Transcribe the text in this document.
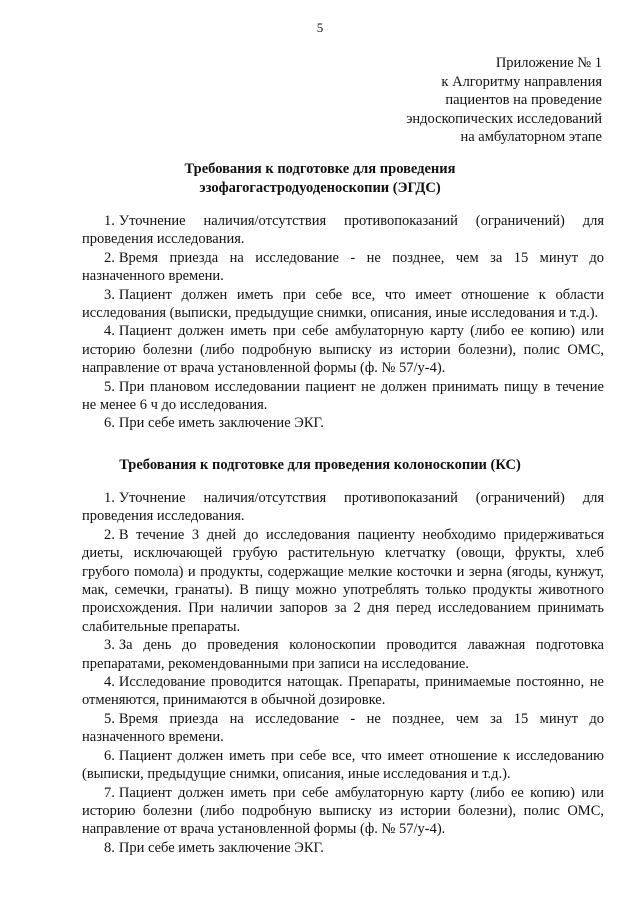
5
Приложение № 1
к Алгоритму направления
пациентов на проведение
эндоскопических исследований
на амбулаторном этапе
Требования к подготовке для проведения
эзофагогастродуоденоскопии (ЭГДС)

1. Уточнение наличия/отсутствия противопоказаний (ограничений) для проведения исследования.

2. Время приезда на исследование - не позднее, чем за 15 минут до назначенного времени.

3. Пациент должен иметь при себе все, что имеет отношение к области исследования (выписки, предыдущие снимки, описания, иные исследования и т.д.).

4. Пациент должен иметь при себе амбулаторную карту (либо ее копию) или историю болезни (либо подробную выписку из истории болезни), полис ОМС, направление от врача установленной формы (ф. № 57/у-4).

5. При плановом исследовании пациент не должен принимать пищу в течение не менее 6 ч до исследования.

6. При себе иметь заключение ЭКГ.

Требования к подготовке для проведения колоноскопии (КС)

1. Уточнение наличия/отсутствия противопоказаний (ограничений) для проведения исследования.

2. В течение 3 дней до исследования пациенту необходимо придерживаться диеты, исключающей грубую растительную клетчатку (овощи, фрукты, хлеб грубого помола) и продукты, содержащие мелкие косточки и зерна (ягоды, кунжут, мак, семечки, гранаты). В пищу можно употреблять только продукты животного происхождения. При наличии запоров за 2 дня перед исследованием принимать слабительные препараты.

3. За день до проведения колоноскопии проводится лаважная подготовка препаратами, рекомендованными при записи на исследование.

4. Исследование проводится натощак. Препараты, принимаемые постоянно, не отменяются, принимаются в обычной дозировке.

5. Время приезда на исследование - не позднее, чем за 15 минут до назначенного времени.

6. Пациент должен иметь при себе все, что имеет отношение к исследованию (выписки, предыдущие снимки, описания, иные исследования и т.д.).

7. Пациент должен иметь при себе амбулаторную карту (либо ее копию) или историю болезни (либо подробную выписку из истории болезни), полис ОМС, направление от врача установленной формы (ф. № 57/у-4).

8. При себе иметь заключение ЭКГ.
